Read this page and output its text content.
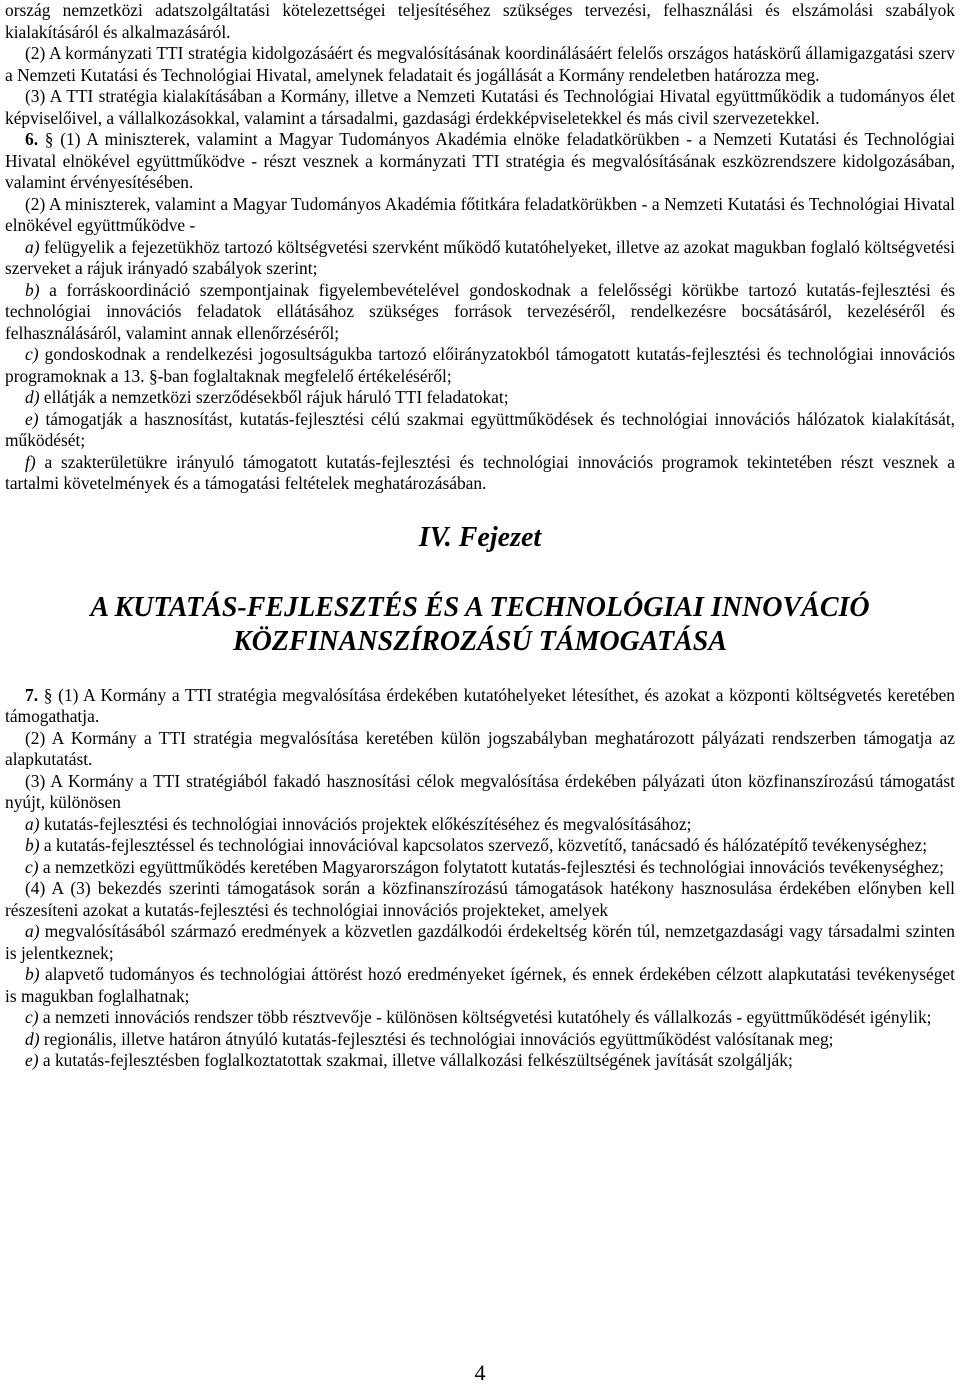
ország nemzetközi adatszolgáltatási kötelezettségei teljesítéséhez szükséges tervezési, felhasználási és elszámolási szabályok kialakításáról és alkalmazásáról.

(2) A kormányzati TTI stratégia kidolgozásáért és megvalósításának koordinálásáért felelős országos hatáskörű államigazgatási szerv a Nemzeti Kutatási és Technológiai Hivatal, amelynek feladatait és jogállását a Kormány rendeletben határozza meg.

(3) A TTI stratégia kialakításában a Kormány, illetve a Nemzeti Kutatási és Technológiai Hivatal együttműködik a tudományos élet képviselőivel, a vállalkozásokkal, valamint a társadalmi, gazdasági érdekképviseletekkel és más civil szervezetekkel.

6. § (1) A miniszterek, valamint a Magyar Tudományos Akadémia elnöke feladatkörükben - a Nemzeti Kutatási és Technológiai Hivatal elnökével együttműködve - részt vesznek a kormányzati TTI stratégia és megvalósításának eszközrendszere kidolgozásában, valamint érvényesítésében.

(2) A miniszterek, valamint a Magyar Tudományos Akadémia főtitkára feladatkörükben - a Nemzeti Kutatási és Technológiai Hivatal elnökével együttműködve -

a) felügyelik a fejezetükhöz tartozó költségvetési szervként működő kutatóhelyeket, illetve az azokat magukban foglaló költségvetési szerveket a rájuk irányadó szabályok szerint;

b) a forráskoordináció szempontjainak figyelembevételével gondoskodnak a felelősségi körükbe tartozó kutatás-fejlesztési és technológiai innovációs feladatok ellátásához szükséges források tervezéséről, rendelkezésre bocsátásáról, kezeléséről és felhasználásáról, valamint annak ellenőrzéséről;

c) gondoskodnak a rendelkezési jogosultságukba tartozó előirányzatokból támogatott kutatás-fejlesztési és technológiai innovációs programoknak a 13. §-ban foglaltaknak megfelelő értékeléséről;

d) ellátják a nemzetközi szerződésekből rájuk háruló TTI feladatokat;

e) támogatják a hasznosítást, kutatás-fejlesztési célú szakmai együttműködések és technológiai innovációs hálózatok kialakítását, működését;

f) a szakterületükre irányuló támogatott kutatás-fejlesztési és technológiai innovációs programok tekintetében részt vesznek a tartalmi követelmények és a támogatási feltételek meghatározásában.

IV. Fejezet
A KUTATÁS-FEJLESZTÉS ÉS A TECHNOLÓGIAI INNOVÁCIÓ
KÖZFINANSZÍROZÁSÚ TÁMOGATÁSA

7. § (1) A Kormány a TTI stratégia megvalósítása érdekében kutatóhelyeket létesíthet, és azokat a központi költségvetés keretében támogathatja.

(2) A Kormány a TTI stratégia megvalósítása keretében külön jogszabályban meghatározott pályázati rendszerben támogatja az alapkutatást.

(3) A Kormány a TTI stratégiából fakadó hasznosítási célok megvalósítása érdekében pályázati úton közfinanszírozású támogatást nyújt, különösen

a) kutatás-fejlesztési és technológiai innovációs projektek előkészítéséhez és megvalósításához;

b) a kutatás-fejlesztéssel és technológiai innovációval kapcsolatos szervező, közvetítő, tanácsadó és hálózatépítő tevékenységhez;

c) a nemzetközi együttműködés keretében Magyarországon folytatott kutatás-fejlesztési és technológiai innovációs tevékenységhez;

(4) A (3) bekezdés szerinti támogatások során a közfinanszírozású támogatások hatékony hasznosulása érdekében előnyben kell részesíteni azokat a kutatás-fejlesztési és technológiai innovációs projekteket, amelyek

a) megvalósításából származó eredmények a közvetlen gazdálkodói érdekeltség körén túl, nemzetgazdasági vagy társadalmi szinten is jelentkeznek;

b) alapvető tudományos és technológiai áttörést hozó eredményeket ígérnek, és ennek érdekében célzott alapkutatási tevékenységet is magukban foglalhatnak;

c) a nemzeti innovációs rendszer több résztvevője - különösen költségvetési kutatóhely és vállalkozás - együttműködését igénylik;

d) regionális, illetve határon átnyúló kutatás-fejlesztési és technológiai innovációs együttműködést valósítanak meg;

e) a kutatás-fejlesztésben foglalkoztatottak szakmai, illetve vállalkozási felkészültségének javítását szolgálják;

4
